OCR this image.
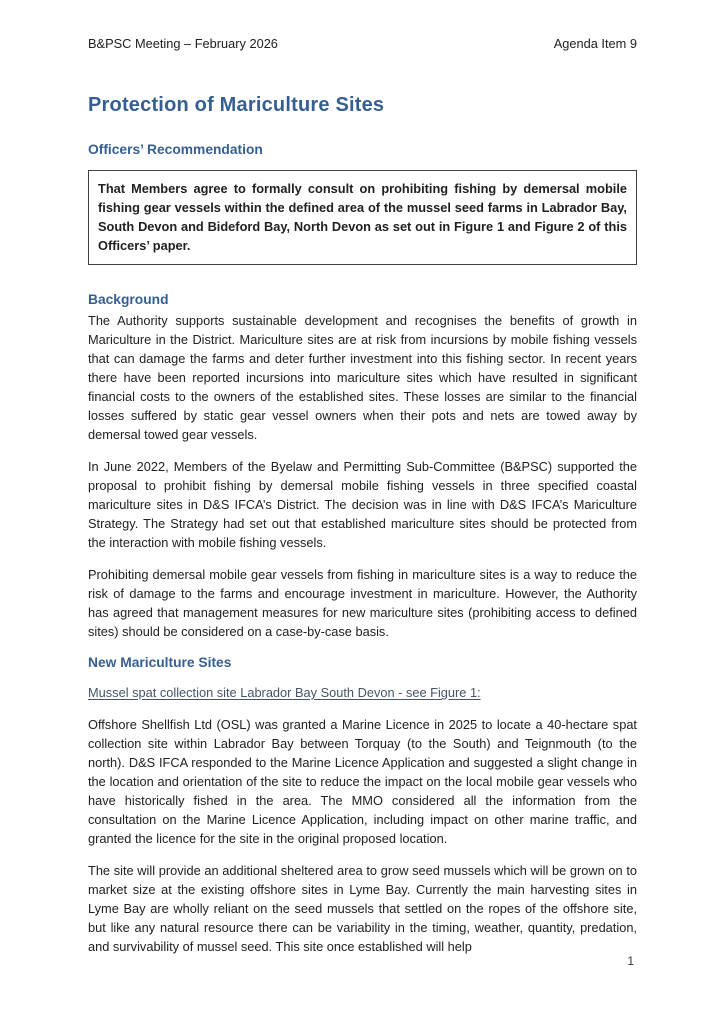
B&PSC Meeting – February 2026	Agenda Item 9
Protection of Mariculture Sites
Officers’ Recommendation
That Members agree to formally consult on prohibiting fishing by demersal mobile fishing gear vessels within the defined area of the mussel seed farms in Labrador Bay, South Devon and Bideford Bay, North Devon as set out in Figure 1 and Figure 2 of this Officers’ paper.
Background

The Authority supports sustainable development and recognises the benefits of growth in Mariculture in the District. Mariculture sites are at risk from incursions by mobile fishing vessels that can damage the farms and deter further investment into this fishing sector. In recent years there have been reported incursions into mariculture sites which have resulted in significant financial costs to the owners of the established sites. These losses are similar to the financial losses suffered by static gear vessel owners when their pots and nets are towed away by demersal towed gear vessels.

In June 2022, Members of the Byelaw and Permitting Sub-Committee (B&PSC) supported the proposal to prohibit fishing by demersal mobile fishing vessels in three specified coastal mariculture sites in D&S IFCA’s District. The decision was in line with D&S IFCA’s Mariculture Strategy. The Strategy had set out that established mariculture sites should be protected from the interaction with mobile fishing vessels.

Prohibiting demersal mobile gear vessels from fishing in mariculture sites is a way to reduce the risk of damage to the farms and encourage investment in mariculture. However, the Authority has agreed that management measures for new mariculture sites (prohibiting access to defined sites) should be considered on a case-by-case basis.

New Mariculture Sites
Mussel spat collection site Labrador Bay South Devon - see Figure 1:

Offshore Shellfish Ltd (OSL) was granted a Marine Licence in 2025 to locate a 40-hectare spat collection site within Labrador Bay between Torquay (to the South) and Teignmouth (to the north). D&S IFCA responded to the Marine Licence Application and suggested a slight change in the location and orientation of the site to reduce the impact on the local mobile gear vessels who have historically fished in the area. The MMO considered all the information from the consultation on the Marine Licence Application, including impact on other marine traffic, and granted the licence for the site in the original proposed location.

The site will provide an additional sheltered area to grow seed mussels which will be grown on to market size at the existing offshore sites in Lyme Bay. Currently the main harvesting sites in Lyme Bay are wholly reliant on the seed mussels that settled on the ropes of the offshore site, but like any natural resource there can be variability in the timing, weather, quantity, predation, and survivability of mussel seed. This site once established will help

1
